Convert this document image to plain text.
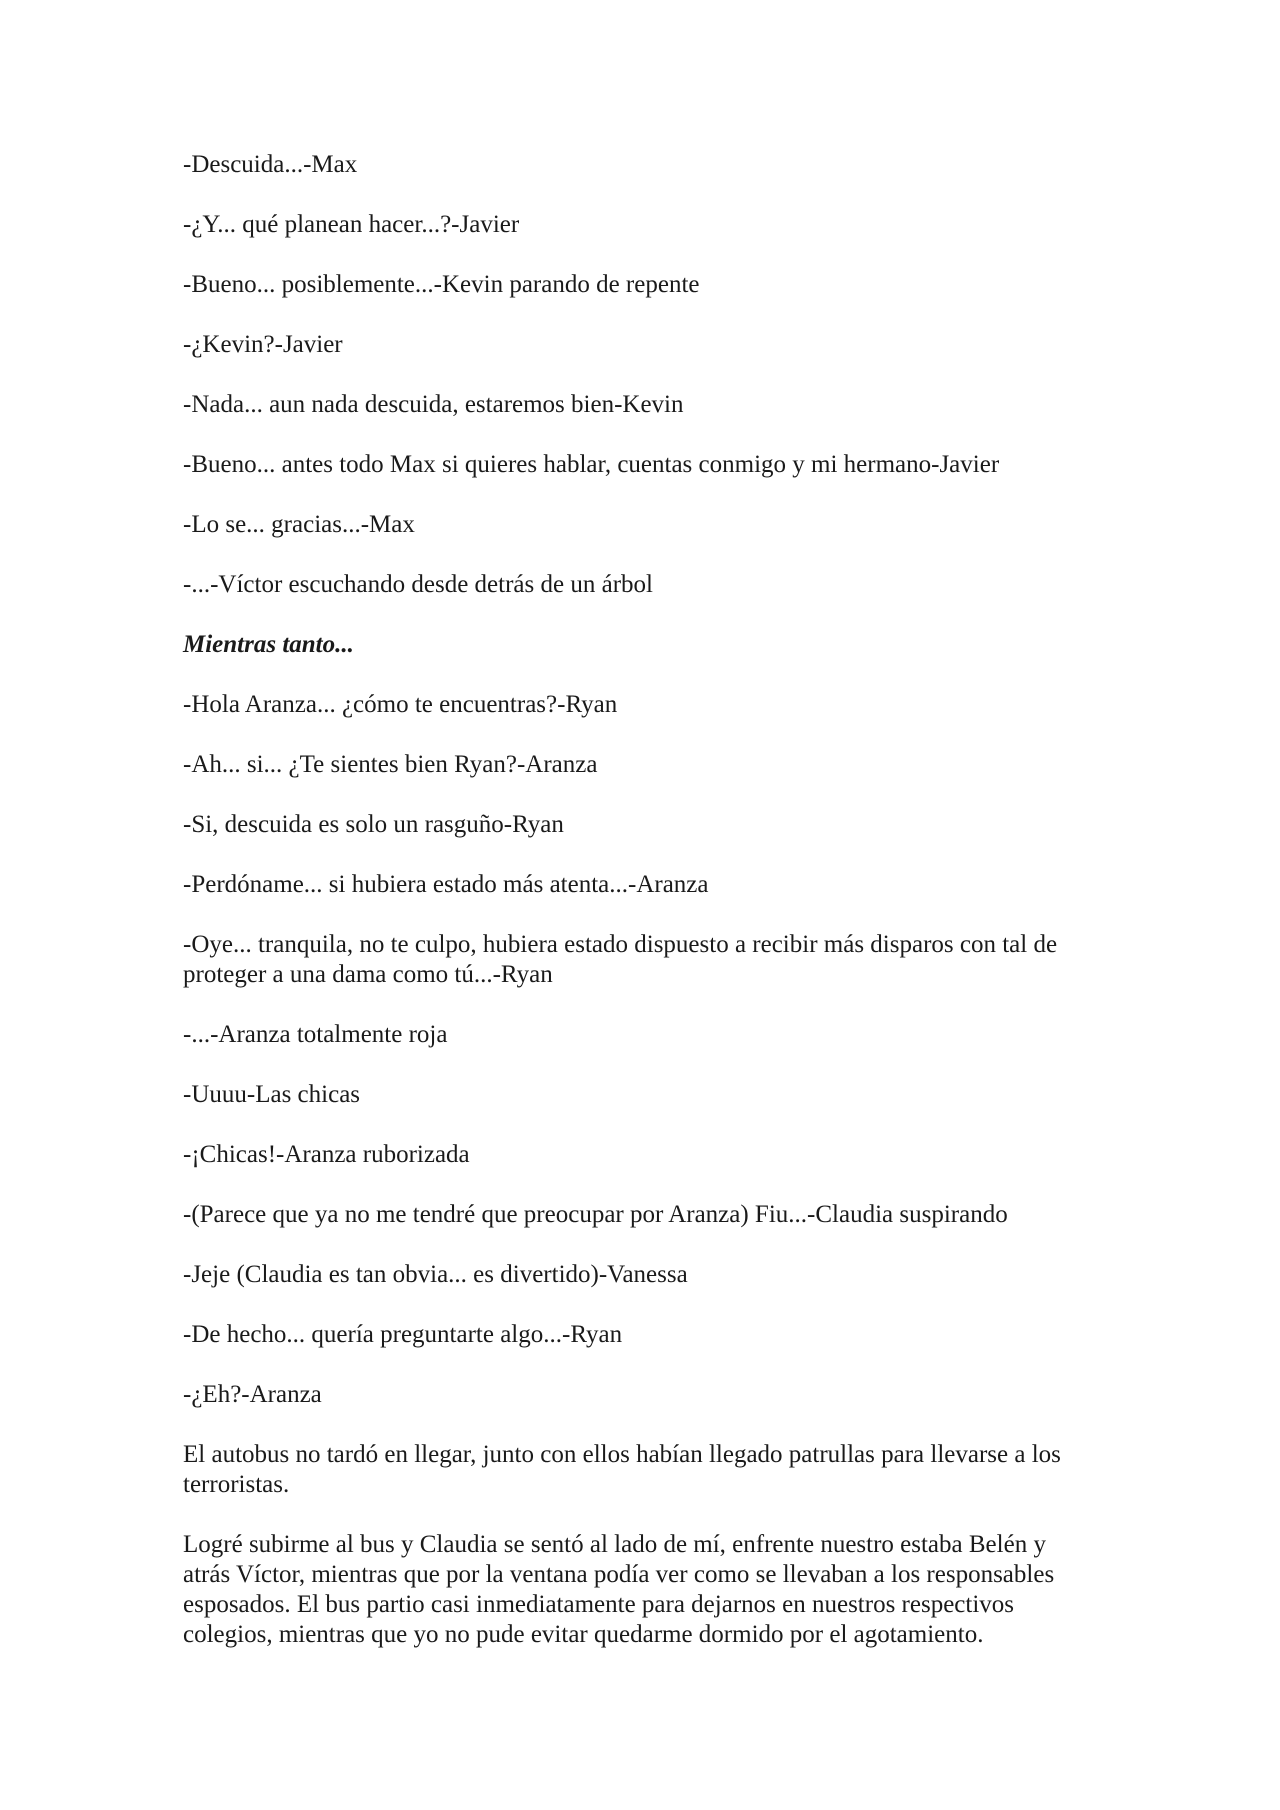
-Descuida...-Max

-¿Y... qué planean hacer...?-Javier

-Bueno... posiblemente...-Kevin parando de repente

-¿Kevin?-Javier

-Nada... aun nada descuida, estaremos bien-Kevin

-Bueno... antes todo Max si quieres hablar, cuentas conmigo y mi hermano-Javier

-Lo se... gracias...-Max

-...-Víctor escuchando desde detrás de un árbol

Mientras tanto...

-Hola Aranza... ¿cómo te encuentras?-Ryan

-Ah... si... ¿Te sientes bien Ryan?-Aranza

-Si, descuida es solo un rasguño-Ryan

-Perdóname... si hubiera estado más atenta...-Aranza

-Oye... tranquila, no te culpo, hubiera estado dispuesto a recibir más disparos con tal de proteger a una dama como tú...-Ryan

-...-Aranza totalmente roja

-Uuuu-Las chicas

-¡Chicas!-Aranza ruborizada

-(Parece que ya no me tendré que preocupar por Aranza) Fiu...-Claudia suspirando

-Jeje (Claudia es tan obvia... es divertido)-Vanessa

-De hecho... quería preguntarte algo...-Ryan

-¿Eh?-Aranza

El autobus no tardó en llegar, junto con ellos habían llegado patrullas para llevarse a los terroristas.

Logré subirme al bus y Claudia se sentó al lado de mí, enfrente nuestro estaba Belén y atrás Víctor, mientras que por la ventana podía ver como se llevaban a los responsables esposados. El bus partio casi inmediatamente para dejarnos en nuestros respectivos colegios, mientras que yo no pude evitar quedarme dormido por el agotamiento.
